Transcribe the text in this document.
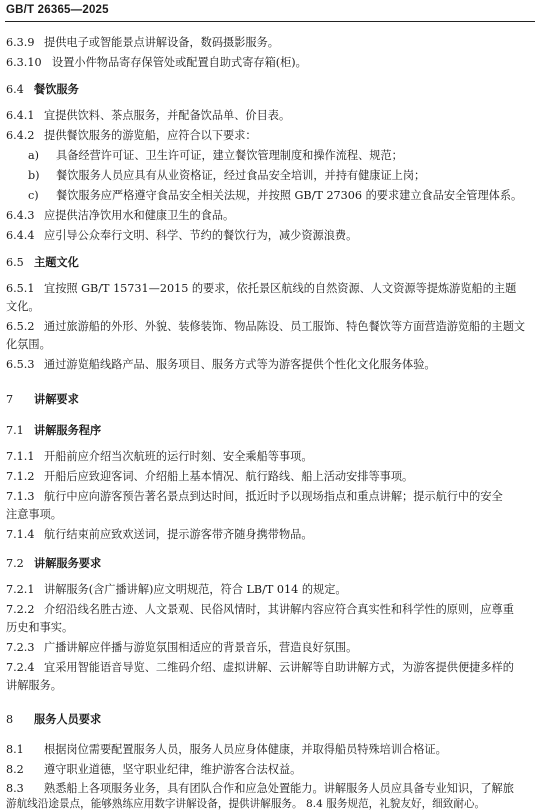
GB/T 26365—2025
6.3.9 提供电子或智能景点讲解设备，数码摄影服务。
6.3.10 设置小件物品寄存保管处或配置自助式寄存箱(柜)。
6.4 餐饮服务
6.4.1 宜提供饮料、茶点服务，并配备饮品单、价目表。
6.4.2 提供餐饮服务的游览船，应符合以下要求：
a) 具备经营许可证、卫生许可证，建立餐饮管理制度和操作流程、规范；
b) 餐饮服务人员应具有从业资格证，经过食品安全培训，并持有健康证上岗；
c) 餐饮服务应严格遵守食品安全相关法规，并按照 GB/T 27306 的要求建立食品安全管理体系。
6.4.3 应提供洁净饮用水和健康卫生的食品。
6.4.4 应引导公众奉行文明、科学、节约的餐饮行为，减少资源浪费。
6.5 主题文化
6.5.1 宜按照 GB/T 15731—2015 的要求，依托景区航线的自然资源、人文资源等提炼游览船的主题
文化。
6.5.2 通过旅游船的外形、外貌、装修装饰、物品陈设、员工服饰、特色餐饮等方面营造游览船的主题文
化氛围。
6.5.3 通过游览船线路产品、服务项目、服务方式等为游客提供个性化文化服务体验。
7 讲解要求
7.1 讲解服务程序
7.1.1 开船前应介绍当次航班的运行时刻、安全乘船等事项。
7.1.2 开船后应致迎客词、介绍船上基本情况、航行路线、船上活动安排等事项。
7.1.3 航行中应向游客预告著名景点到达时间，抵近时予以现场指点和重点讲解；提示航行中的安全
注意事项。
7.1.4 航行结束前应致欢送词，提示游客带齐随身携带物品。
7.2 讲解服务要求
7.2.1 讲解服务(含广播讲解)应文明规范，符合 LB/T 014 的规定。
7.2.2 介绍沿线名胜古迹、人文景观、民俗风情时，其讲解内容应符合真实性和科学性的原则，应尊重
历史和事实。
7.2.3 广播讲解应伴播与游览氛围相适应的背景音乐，营造良好氛围。
7.2.4 宜采用智能语音导览、二维码介绍、虚拟讲解、云讲解等自助讲解方式，为游客提供便捷多样的
讲解服务。
8 服务人员要求
8.1 根据岗位需要配置服务人员，服务人员应身体健康，并取得船员特殊培训合格证。
8.2 遵守职业道德，坚守职业纪律，维护游客合法权益。
8.3 熟悉船上各项服务业务，具有团队合作和应急处置能力。讲解服务人员应具备专业知识，了解旅
游航线沿途景点，能够熟练应用数字讲解设备，提供讲解服务。 8.4 服务规范，礼貌友好，细致耐心。
